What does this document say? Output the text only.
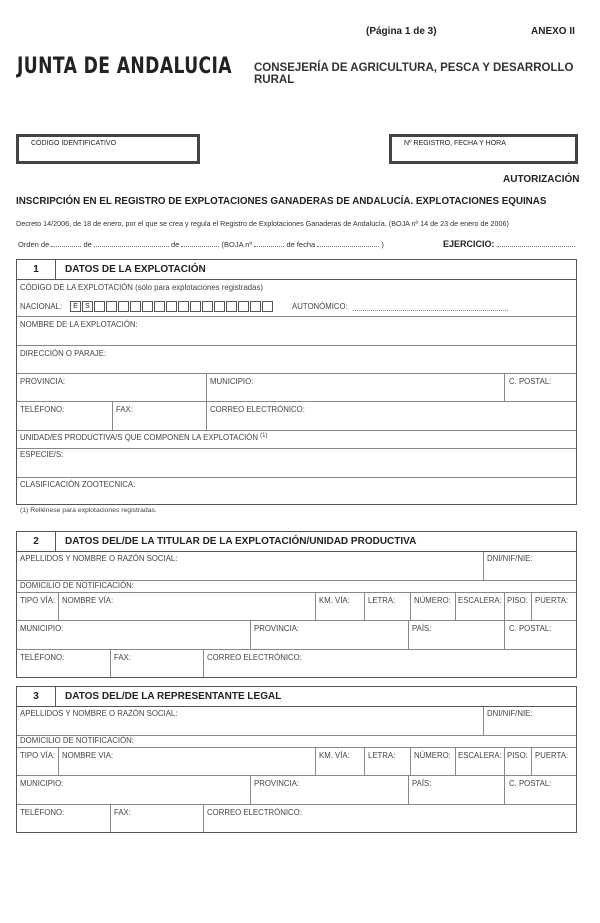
(Página 1 de 3)	ANEXO II
JUNTA DE ANDALUCIA CONSEJERÍA DE AGRICULTURA, PESCA Y DESARROLLO RURAL
CÓDIGO IDENTIFICATIVO	Nº REGISTRO, FECHA Y HORA
AUTORIZACIÓN
INSCRIPCIÓN EN EL REGISTRO DE EXPLOTACIONES GANADERAS DE ANDALUCÍA. EXPLOTACIONES EQUINAS
Decreto 14/2006, de 18 de enero, por el que se crea y regula el Registro de Explotaciones Ganaderas de Andalucía. (BOJA nº 14 de 23 de enero de 2006)
Orden de	de	de	(BOJA nº	de fecha	)	EJERCICIO:
1	DATOS DE LA EXPLOTACIÓN
CÓDIGO DE LA EXPLOTACIÓN (sólo para explotaciones registradas)
NACIONAL:	E	S	AUTONÓMICO:
NOMBRE DE LA EXPLOTACIÓN:
DIRECCIÓN O PARAJE:
PROVINCIA:	MUNICIPIO:	C. POSTAL:
TELÉFONO:	FAX:	CORREO ELECTRÓNICO:
UNIDAD/ES PRODUCTIVA/S QUE COMPONEN LA EXPLOTACIÓN $^{(1)}$
ESPECIE/S:
CLASIFICACIÓN ZOOTECNICA:
(1) Rellénese para explotaciones registradas.
2	DATOS DEL/DE LA TITULAR DE LA EXPLOTACIÓN/UNIDAD PRODUCTIVA
APELLIDOS Y NOMBRE O RAZÓN SOCIAL:	DNI/NIF/NIE:
DOMICILIO DE NOTIFICACIÓN:
TIPO VÍA: NOMBRE VÍA:	KM. VÍA: LETRA: NÚMERO: ESCALERA: PISO: PUERTA:
MUNICIPIO:	PROVINCIA:	PAÍS:	C. POSTAL:
TELÉFONO:	FAX:	CORREO ELECTRÓNICO:
3	DATOS DEL/DE LA REPRESENTANTE LEGAL
APELLIDOS Y NOMBRE O RAZÓN SOCIAL:	DNI/NIF/NIE:
DOMICILIO DE NOTIFICACIÓN:
TIPO VÍA: NOMBRE VIA:	KM. VÍA: LETRA: NÚMERO: ESCALERA: PISO: PUERTA:
MUNICIPIO:	PROVINCIA:	PAÍS:	C. POSTAL:
TELÉFONO:	FAX:	CORREO ELECTRÓNICO:
